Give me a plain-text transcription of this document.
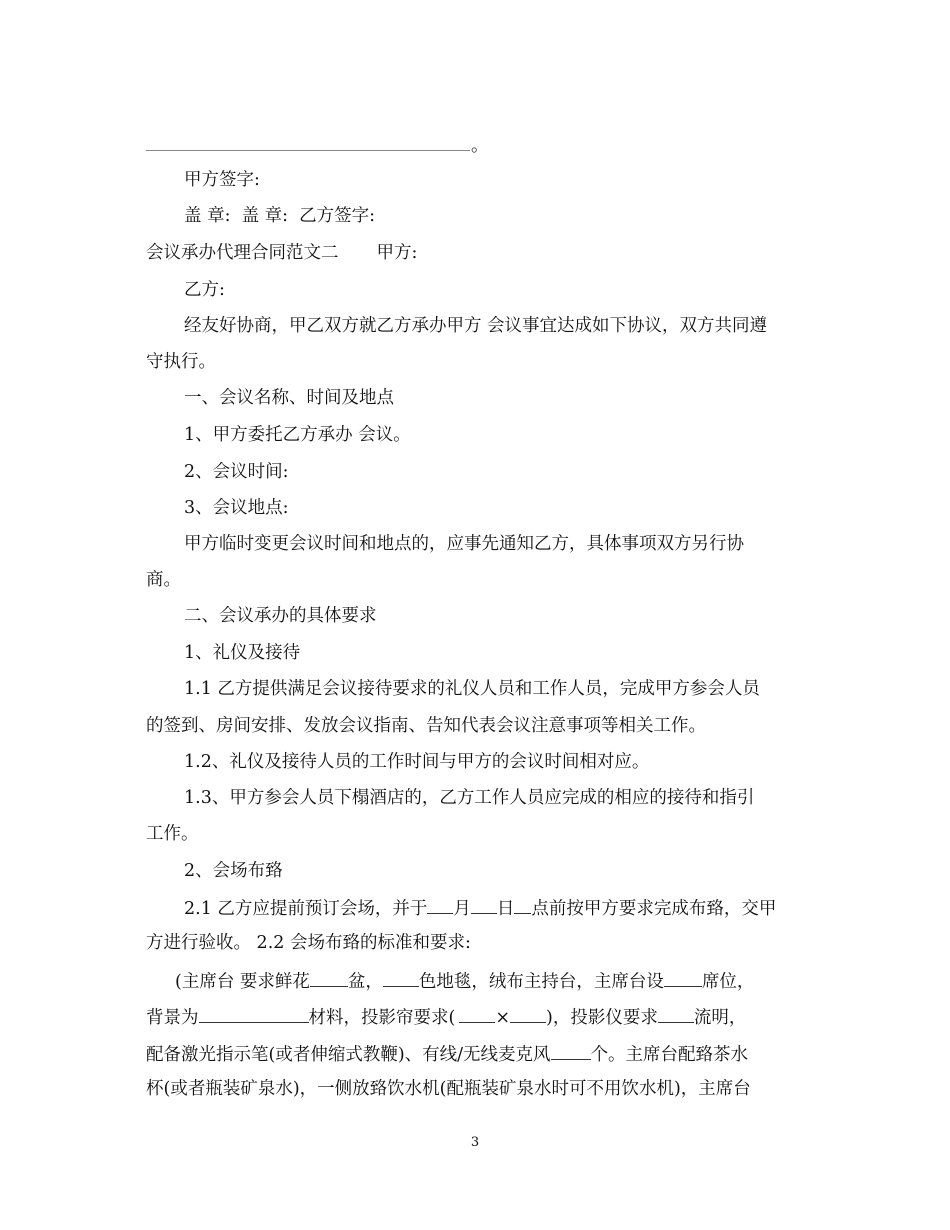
。
甲方签字:
盖 章:  盖 章:  乙方签字:
会议承办代理合同范文二 甲方:
乙方:
经友好协商，甲乙双方就乙方承办甲方 会议事宜达成如下协议，双方共同遵
守执行。
一、会议名称、时间及地点
1、甲方委托乙方承办 会议。
2、会议时间:
3、会议地点:
甲方临时变更会议时间和地点的，应事先通知乙方，具体事项双方另行协
商。
二、会议承办的具体要求
1、礼仪及接待
1.1 乙方提供满足会议接待要求的礼仪人员和工作人员，完成甲方参会人员
的签到、房间安排、发放会议指南、告知代表会议注意事项等相关工作。
1.2、礼仪及接待人员的工作时间与甲方的会议时间相对应。
1.3、甲方参会人员下榻酒店的，乙方工作人员应完成的相应的接待和指引
工作。
2、会场布臵
2.1 乙方应提前预订会场，并于 月 日 点前按甲方要求完成布臵，交甲
方进行验收。 2.2 会场布臵的标准和要求:
(主席台 要求鲜花 盆， 色地毯，绒布主持台，主席台设 席位，
背景为	材料，投影帘要求( × )，投影仪要求 流明，
配备激光指示笔(或者伸缩式教鞭)、有线/无线麦克风 个。主席台配臵茶水
杯(或者瓶装矿泉水)，一侧放臵饮水机(配瓶装矿泉水时可不用饮水机)，主席台
3
